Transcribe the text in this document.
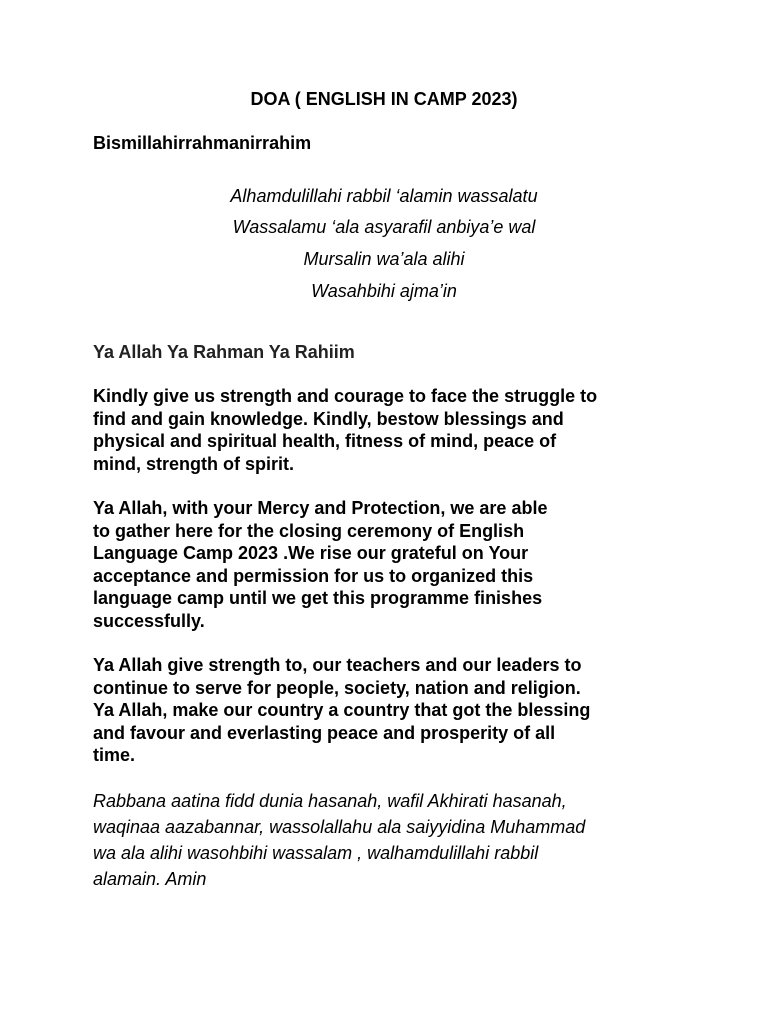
DOA ( ENGLISH IN CAMP 2023)
Bismillahirrahmanirrahim
Alhamdulillahi rabbil ‘alamin wassalatu
Wassalamu ‘ala asyarafil anbiya’e wal
Mursalin wa’ala alihi
Wasahbihi ajma’in
Ya Allah Ya Rahman Ya Rahiim
Kindly give us strength and courage to face the struggle to
find and gain knowledge. Kindly, bestow blessings and
physical and spiritual health, fitness of mind, peace of
mind, strength of spirit.
Ya Allah, with your Mercy and Protection, we are able
to gather here for the closing ceremony of English
Language Camp 2023 .We rise our grateful on Your
acceptance and permission for us to organized this
language camp until we get this programme finishes
successfully.
Ya Allah give strength to, our teachers and our leaders to
continue to serve for people, society, nation and religion.
Ya Allah, make our country a country that got the blessing
and favour and everlasting peace and prosperity of all
time.
Rabbana aatina fidd dunia hasanah, wafil Akhirati hasanah,
waqinaa aazabannar, wassolallahu ala saiyyidina Muhammad
wa ala alihi wasohbihi wassalam , walhamdulillahi rabbil
alamain. Amin
